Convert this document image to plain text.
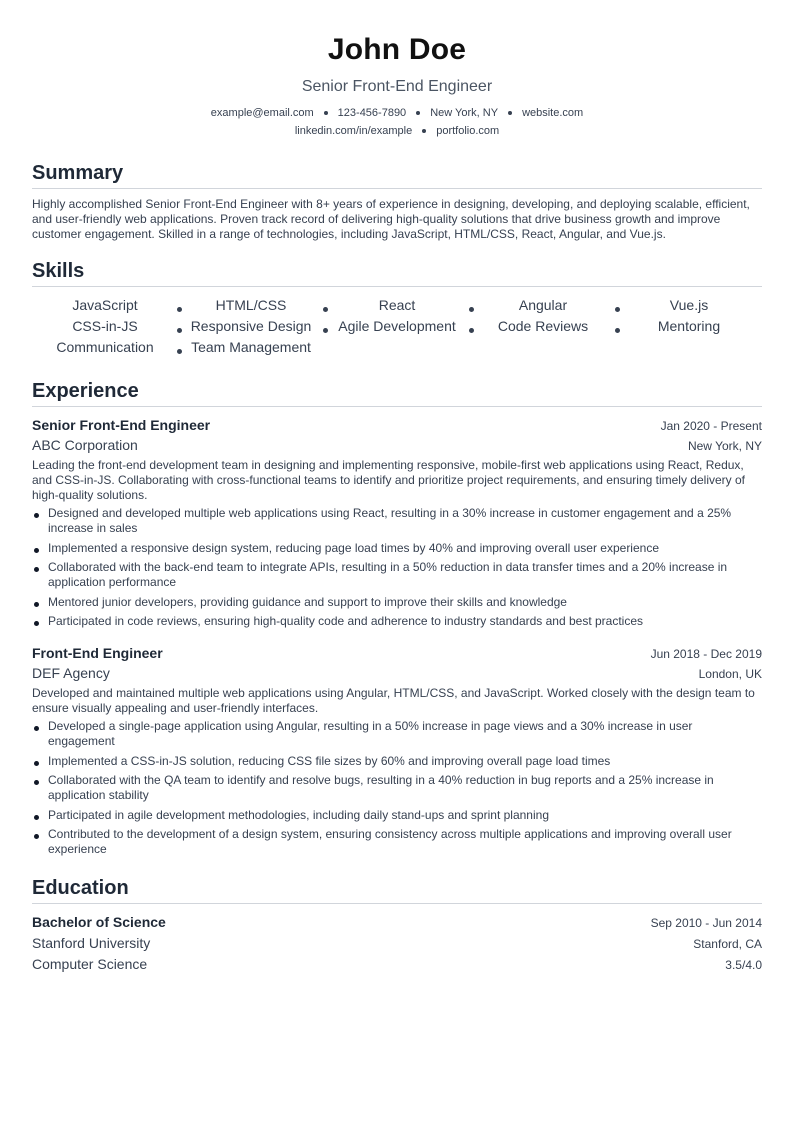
John Doe
Senior Front-End Engineer
example@email.com 123-456-7890 New York, NY website.com
linkedin.com/in/example portfolio.com
Summary

Highly accomplished Senior Front-End Engineer with 8+ years of experience in designing, developing, and deploying scalable, efficient, and user-friendly web applications. Proven track record of delivering high-quality solutions that drive business growth and improve customer engagement. Skilled in a range of technologies, including JavaScript, HTML/CSS, React, Angular, and Vue.js.

Skills
JavaScript	HTML/CSS	React	Angular	Vue.js
CSS-in-JS	Responsive Design	Agile Development	Code Reviews	Mentoring
Communication	Team Management
Experience
Senior Front-End Engineer	Jan 2020 - Present
ABC Corporation	New York, NY

Leading the front-end development team in designing and implementing responsive, mobile-first web applications using React, Redux, and CSS-in-JS. Collaborating with cross-functional teams to identify and prioritize project requirements, and ensuring timely delivery of high-quality solutions.

Designed and developed multiple web applications using React, resulting in a 30% increase in customer engagement and a 25% increase in sales
Implemented a responsive design system, reducing page load times by 40% and improving overall user experience
Collaborated with the back-end team to integrate APIs, resulting in a 50% reduction in data transfer times and a 20% increase in application performance
Mentored junior developers, providing guidance and support to improve their skills and knowledge
Participated in code reviews, ensuring high-quality code and adherence to industry standards and best practices
Front-End Engineer	Jun 2018 - Dec 2019
DEF Agency	London, UK

Developed and maintained multiple web applications using Angular, HTML/CSS, and JavaScript. Worked closely with the design team to ensure visually appealing and user-friendly interfaces.

Developed a single-page application using Angular, resulting in a 50% increase in page views and a 30% increase in user engagement
Implemented a CSS-in-JS solution, reducing CSS file sizes by 60% and improving overall page load times
Collaborated with the QA team to identify and resolve bugs, resulting in a 40% reduction in bug reports and a 25% increase in application stability
Participated in agile development methodologies, including daily stand-ups and sprint planning
Contributed to the development of a design system, ensuring consistency across multiple applications and improving overall user experience
Education
Bachelor of Science	Sep 2010 - Jun 2014
Stanford University	Stanford, CA
Computer Science	3.5/4.0
